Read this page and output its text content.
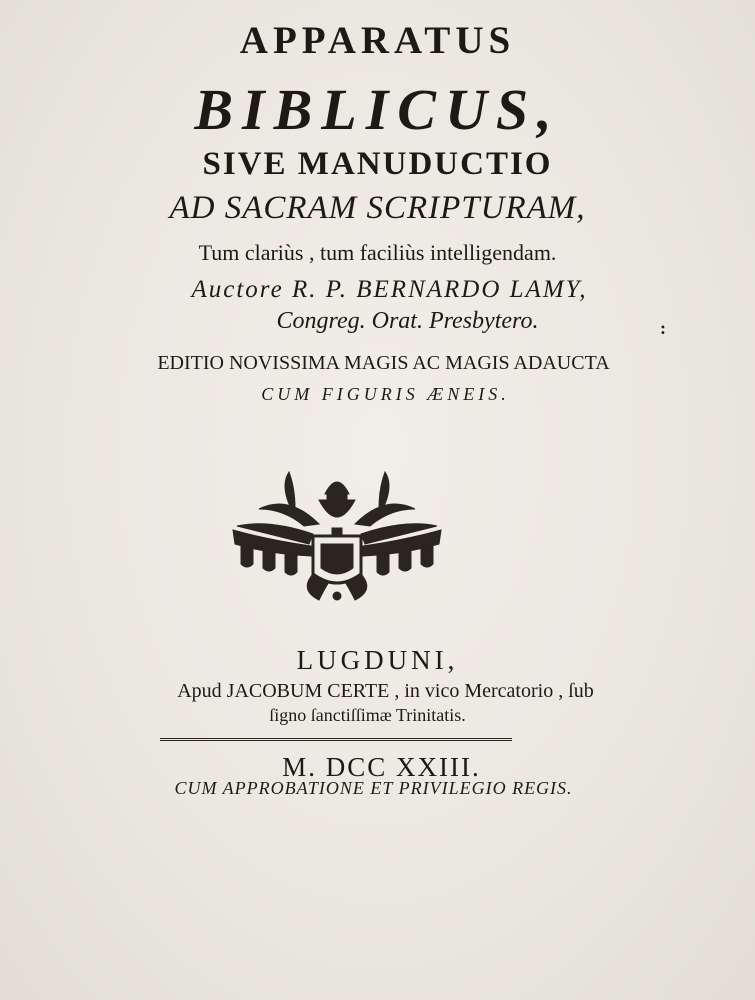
APPARATUS
BIBLICUS,
SIVE MANUDUCTIO
AD SACRAM SCRIPTURAM,
Tum clariùs , tum faciliùs intelligendam.
Auctore R. P. BERNARDO LAMY,
Congreg. Orat. Presbytero.
EDITIO NOVISSIMA MAGIS AC MAGIS ADAUCTA
CUM FIGURIS ÆNEIS.
:
LUGDUNI,
Apud JACOBUM CERTE , in vico Mercatorio , ſub
ſigno ſanctiſſimæ Trinitatis.
M. DCC XXIII.
CUM APPROBATIONE ET PRIVILEGIO REGIS.
